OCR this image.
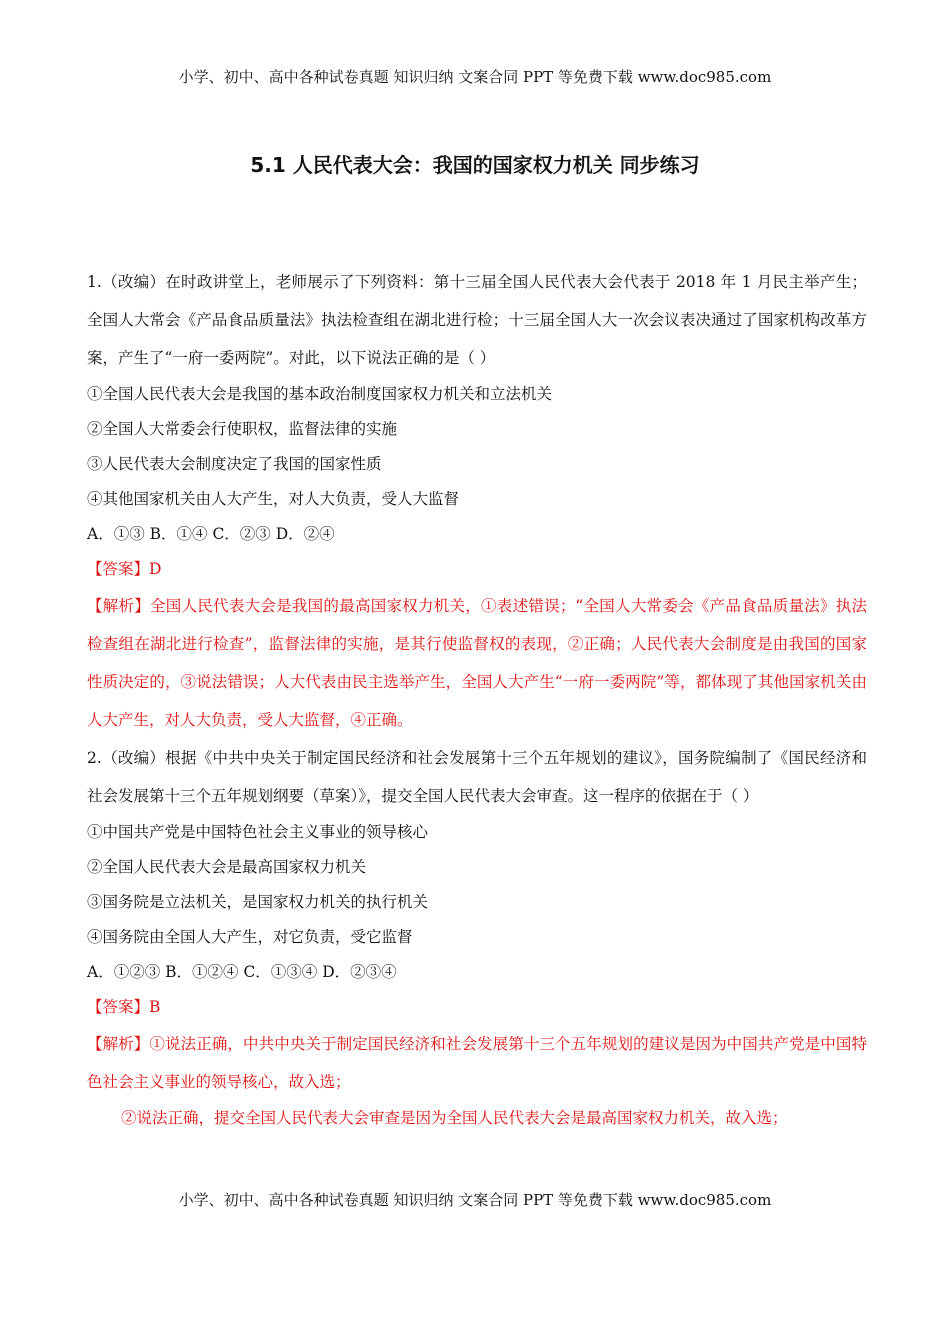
小学、初中、高中各种试卷真题 知识归纳 文案合同 PPT 等免费下载 www.doc985.com
5.1 人民代表大会：我国的国家权力机关 同步练习
1.（改编）在时政讲堂上，老师展示了下列资料：第十三届全国人民代表大会代表于 2018 年 1 月民主举产生；全国人大常会《产品食品质量法》执法检查组在湖北进行检；十三届全国人大一次会议表决通过了国家机构改革方案，产生了“一府一委两院”。对此，以下说法正确的是（ ）
①全国人民代表大会是我国的基本政治制度国家权力机关和立法机关
②全国人大常委会行使职权，监督法律的实施
③人民代表大会制度决定了我国的国家性质
④其他国家机关由人大产生，对人大负责，受人大监督
A．①③ B．①④ C．②③ D．②④
【答案】D
【解析】全国人民代表大会是我国的最高国家权力机关，①表述错误；“全国人大常委会《产品食品质量法》执法检查组在湖北进行检查”，监督法律的实施，是其行使监督权的表现，②正确；人民代表大会制度是由我国的国家性质决定的，③说法错误；人大代表由民主选举产生，全国人大产生“一府一委两院”等，都体现了其他国家机关由人大产生，对人大负责，受人大监督，④正确。
2.（改编）根据《中共中央关于制定国民经济和社会发展第十三个五年规划的建议》，国务院编制了《国民经济和社会发展第十三个五年规划纲要（草案）》，提交全国人民代表大会审查。这一程序的依据在于（ ）
①中国共产党是中国特色社会主义事业的领导核心
②全国人民代表大会是最高国家权力机关
③国务院是立法机关，是国家权力机关的执行机关
④国务院由全国人大产生，对它负责，受它监督
A．①②③ B．①②④ C．①③④ D．②③④
【答案】B
【解析】①说法正确，中共中央关于制定国民经济和社会发展第十三个五年规划的建议是因为中国共产党是中国特色社会主义事业的领导核心，故入选；
②说法正确，提交全国人民代表大会审查是因为全国人民代表大会是最高国家权力机关，故入选；
小学、初中、高中各种试卷真题 知识归纳 文案合同 PPT 等免费下载 www.doc985.com
